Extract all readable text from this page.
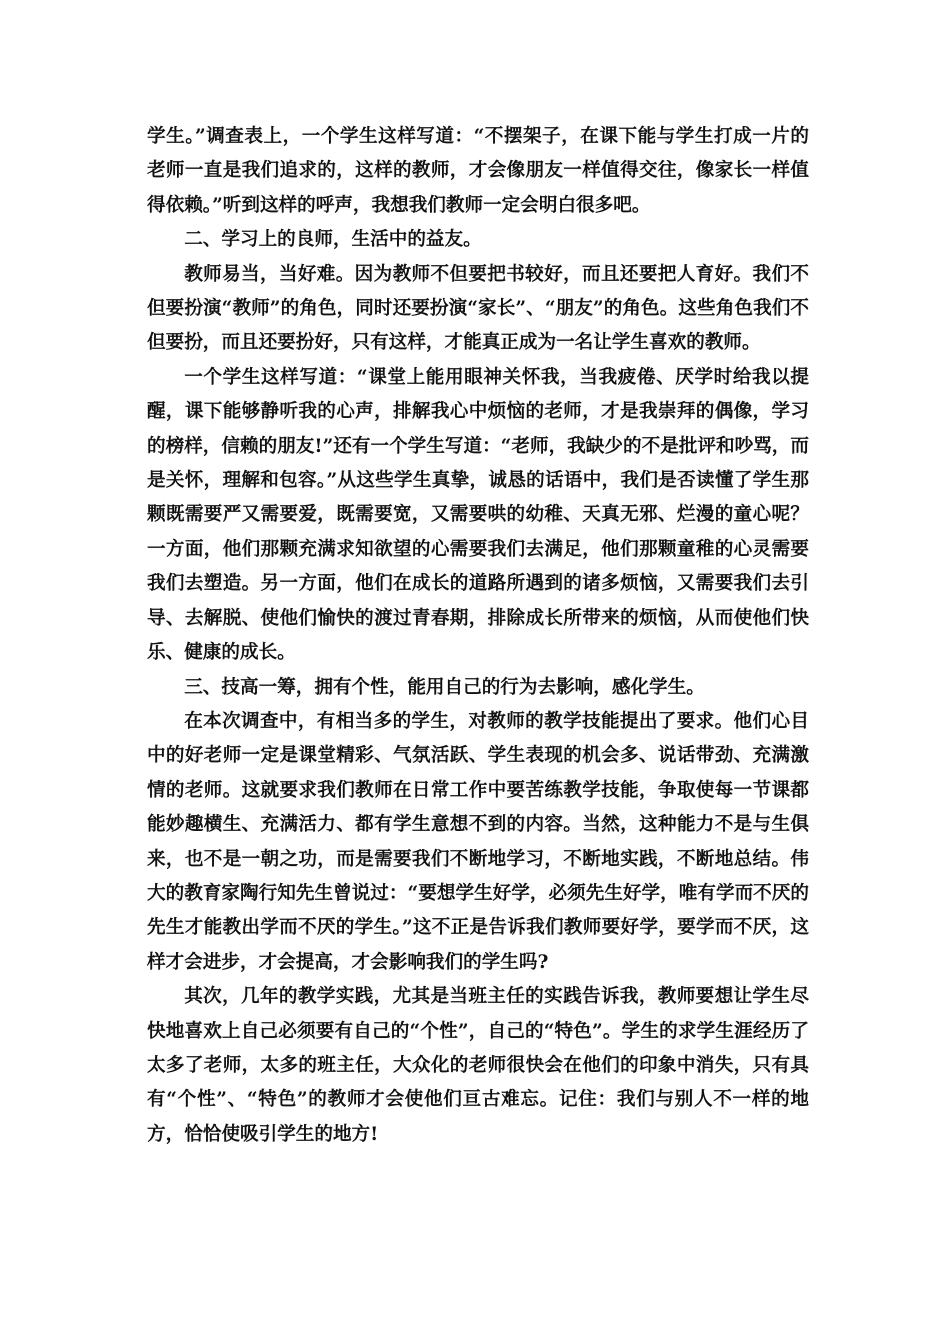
学生。”调查表上，一个学生这样写道：“不摆架子，在课下能与学生打成一片的老师一直是我们追求的，这样的教师，才会像朋友一样值得交往，像家长一样值得依赖。”听到这样的呼声，我想我们教师一定会明白很多吧。

二、学习上的良师，生活中的益友。

教师易当，当好难。因为教师不但要把书较好，而且还要把人育好。我们不但要扮演“教师”的角色，同时还要扮演“家长”、“朋友”的角色。这些角色我们不但要扮，而且还要扮好，只有这样，才能真正成为一名让学生喜欢的教师。

一个学生这样写道：“课堂上能用眼神关怀我，当我疲倦、厌学时给我以提醒，课下能够静听我的心声，排解我心中烦恼的老师，才是我崇拜的偶像，学习的榜样，信赖的朋友!”还有一个学生写道：“老师，我缺少的不是批评和吵骂，而是关怀，理解和包容。”从这些学生真挚，诚恳的话语中，我们是否读懂了学生那颗既需要严又需要爱，既需要宽，又需要哄的幼稚、天真无邪、烂漫的童心呢？一方面，他们那颗充满求知欲望的心需要我们去满足，他们那颗童稚的心灵需要我们去塑造。另一方面，他们在成长的道路所遇到的诸多烦恼，又需要我们去引导、去解脱、使他们愉快的渡过青春期，排除成长所带来的烦恼，从而使他们快乐、健康的成长。

三、技高一筹，拥有个性，能用自己的行为去影响，感化学生。

在本次调查中，有相当多的学生，对教师的教学技能提出了要求。他们心目中的好老师一定是课堂精彩、气氛活跃、学生表现的机会多、说话带劲、充满激情的老师。这就要求我们教师在日常工作中要苦练教学技能，争取使每一节课都能妙趣横生、充满活力、都有学生意想不到的内容。当然，这种能力不是与生俱来，也不是一朝之功，而是需要我们不断地学习，不断地实践，不断地总结。伟大的教育家陶行知先生曾说过：“要想学生好学，必须先生好学，唯有学而不厌的先生才能教出学而不厌的学生。”这不正是告诉我们教师要好学，要学而不厌，这样才会进步，才会提高，才会影响我们的学生吗?

其次，几年的教学实践，尤其是当班主任的实践告诉我，教师要想让学生尽快地喜欢上自己必须要有自己的“个性”，自己的“特色”。学生的求学生涯经历了太多了老师，太多的班主任，大众化的老师很快会在他们的印象中消失，只有具有“个性”、“特色”的教师才会使他们亘古难忘。记住：我们与别人不一样的地方，恰恰使吸引学生的地方!
